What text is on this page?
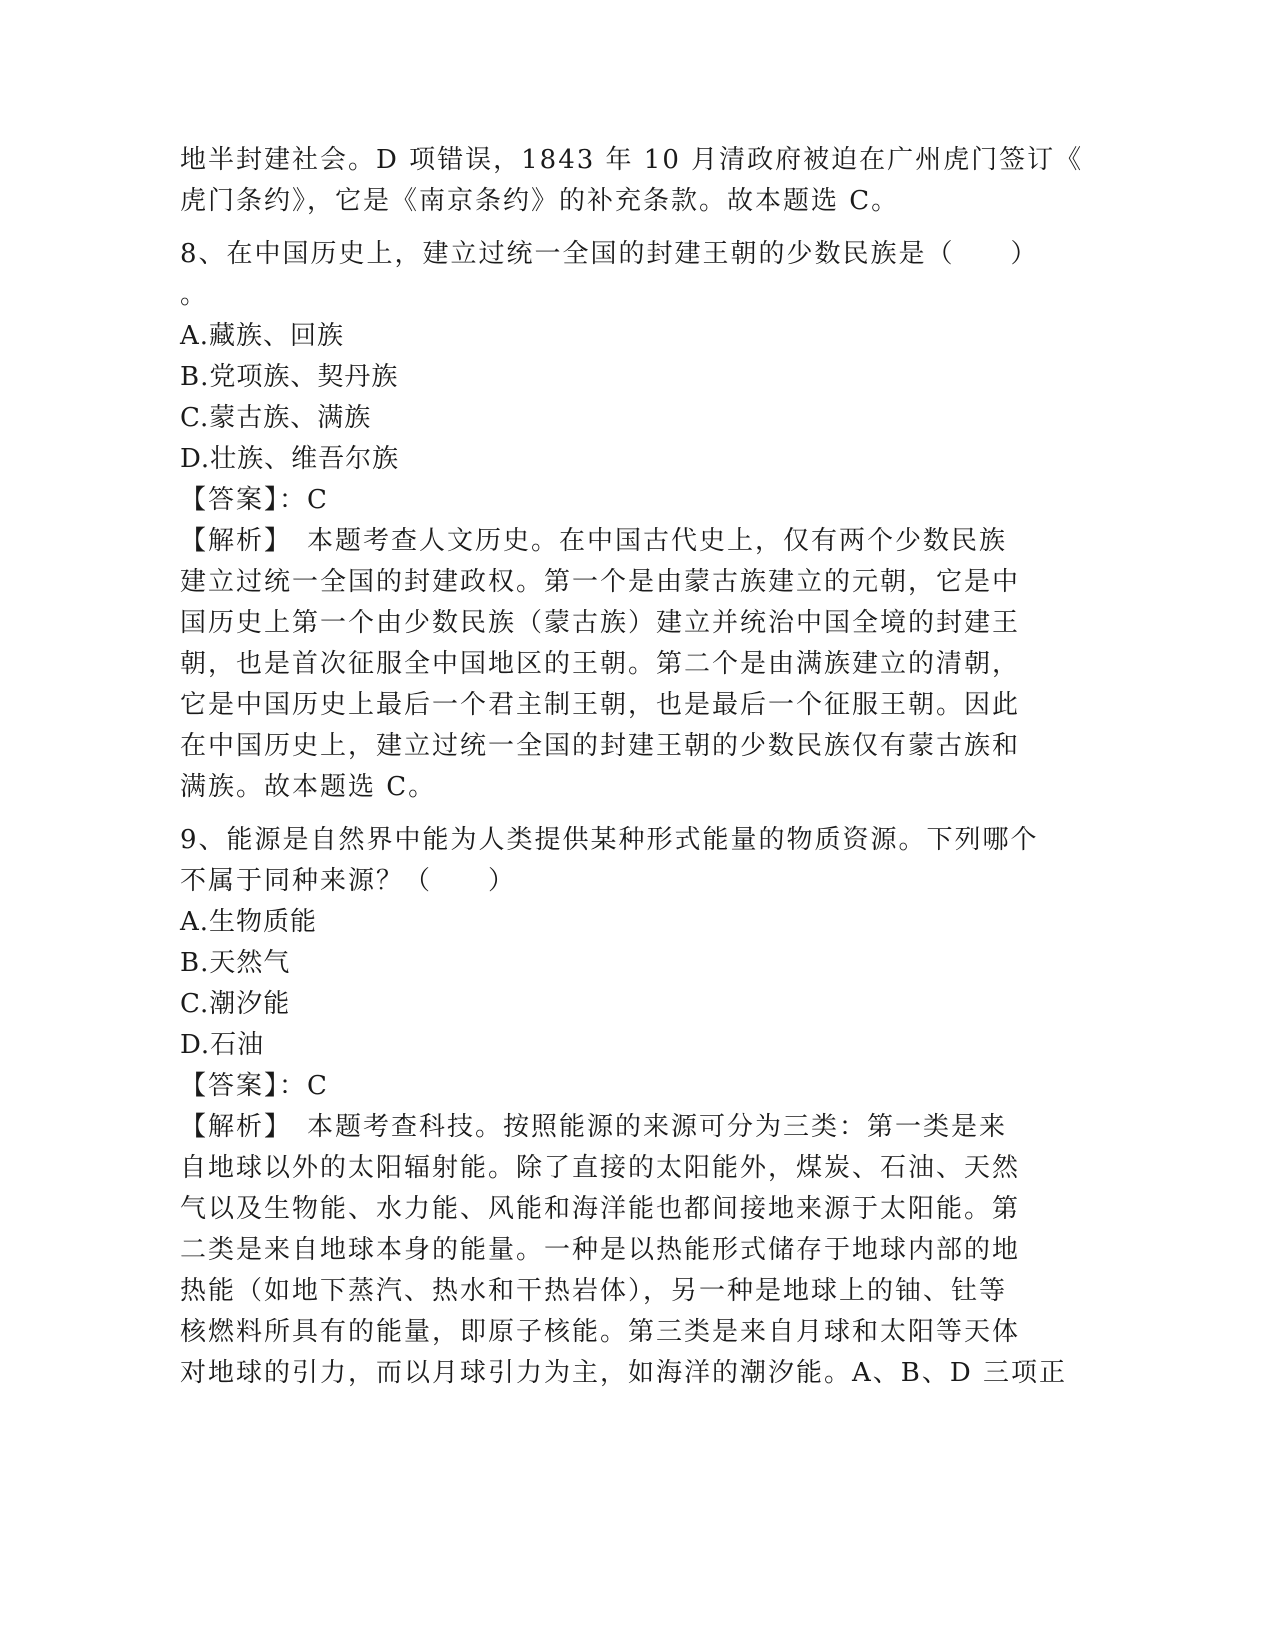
地半封建社会。D 项错误，1843 年 10 月清政府被迫在广州虎门签订《
虎门条约》，它是《南京条约》的补充条款。故本题选 C。
8、在中国历史上，建立过统一全国的封建王朝的少数民族是（　　）
。
A.藏族、回族
B.党项族、契丹族
C.蒙古族、满族
D.壮族、维吾尔族
【答案】：C
【解析】　本题考查人文历史。在中国古代史上，仅有两个少数民族
建立过统一全国的封建政权。第一个是由蒙古族建立的元朝，它是中
国历史上第一个由少数民族（蒙古族）建立并统治中国全境的封建王
朝，也是首次征服全中国地区的王朝。第二个是由满族建立的清朝，
它是中国历史上最后一个君主制王朝，也是最后一个征服王朝。因此
在中国历史上，建立过统一全国的封建王朝的少数民族仅有蒙古族和
满族。故本题选 C。
9、能源是自然界中能为人类提供某种形式能量的物质资源。下列哪个
不属于同种来源？（　　）
A.生物质能
B.天然气
C.潮汐能
D.石油
【答案】：C
【解析】　本题考查科技。按照能源的来源可分为三类：第一类是来
自地球以外的太阳辐射能。除了直接的太阳能外，煤炭、石油、天然
气以及生物能、水力能、风能和海洋能也都间接地来源于太阳能。第
二类是来自地球本身的能量。一种是以热能形式储存于地球内部的地
热能（如地下蒸汽、热水和干热岩体），另一种是地球上的铀、钍等
核燃料所具有的能量，即原子核能。第三类是来自月球和太阳等天体
对地球的引力，而以月球引力为主，如海洋的潮汐能。A、B、D 三项正
